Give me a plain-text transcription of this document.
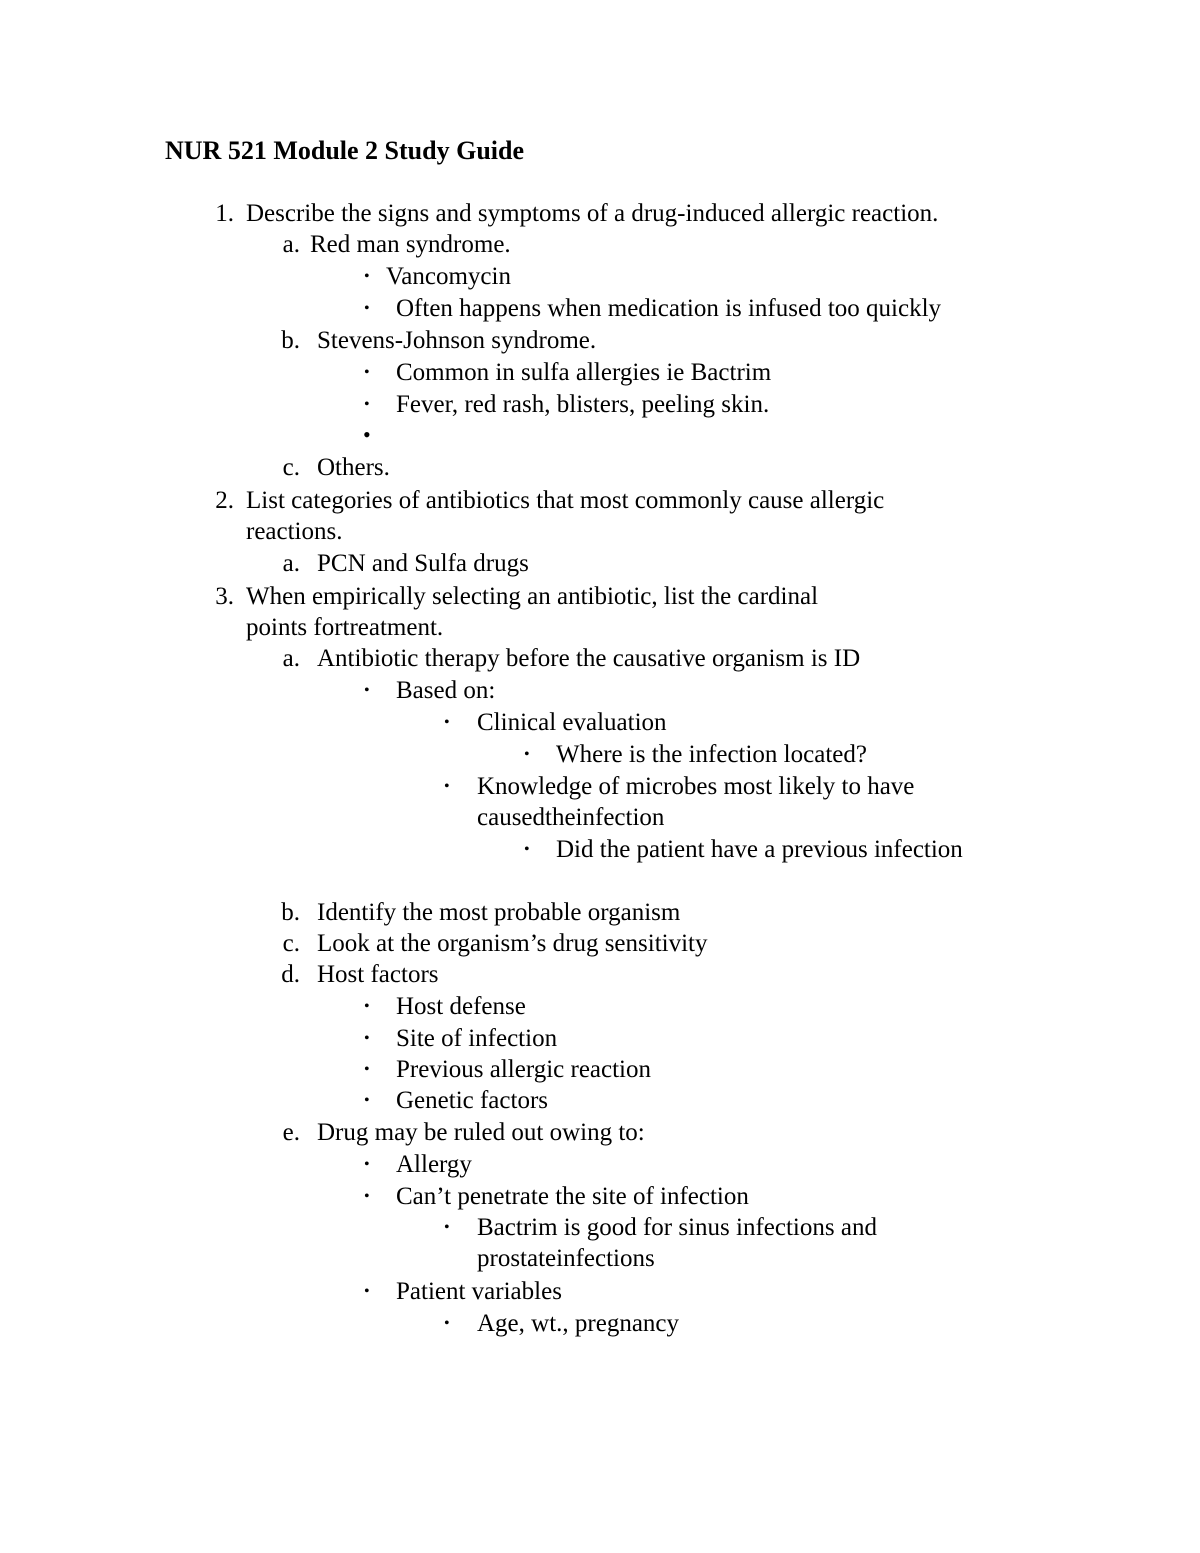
NUR 521 Module 2 Study Guide
1. Describe the signs and symptoms of a drug-induced allergic reaction.
a. Red man syndrome.
• Vancomycin
• Often happens when medication is infused too quickly
b. Stevens-Johnson syndrome.
• Common in sulfa allergies ie Bactrim
• Fever, red rash, blisters, peeling skin.
•
c. Others.
2. List categories of antibiotics that most commonly cause allergic
reactions.
a. PCN and Sulfa drugs
3. When empirically selecting an antibiotic, list the cardinal
points fortreatment.
a. Antibiotic therapy before the causative organism is ID
• Based on:
• Clinical evaluation
• Where is the infection located?
• Knowledge of microbes most likely to have
causedtheinfection
• Did the patient have a previous infection
b. Identify the most probable organism
c. Look at the organism’s drug sensitivity
d. Host factors
• Host defense
• Site of infection
• Previous allergic reaction
• Genetic factors
e. Drug may be ruled out owing to:
• Allergy
• Can’t penetrate the site of infection
• Bactrim is good for sinus infections and
prostateinfections
• Patient variables
• Age, wt., pregnancy
